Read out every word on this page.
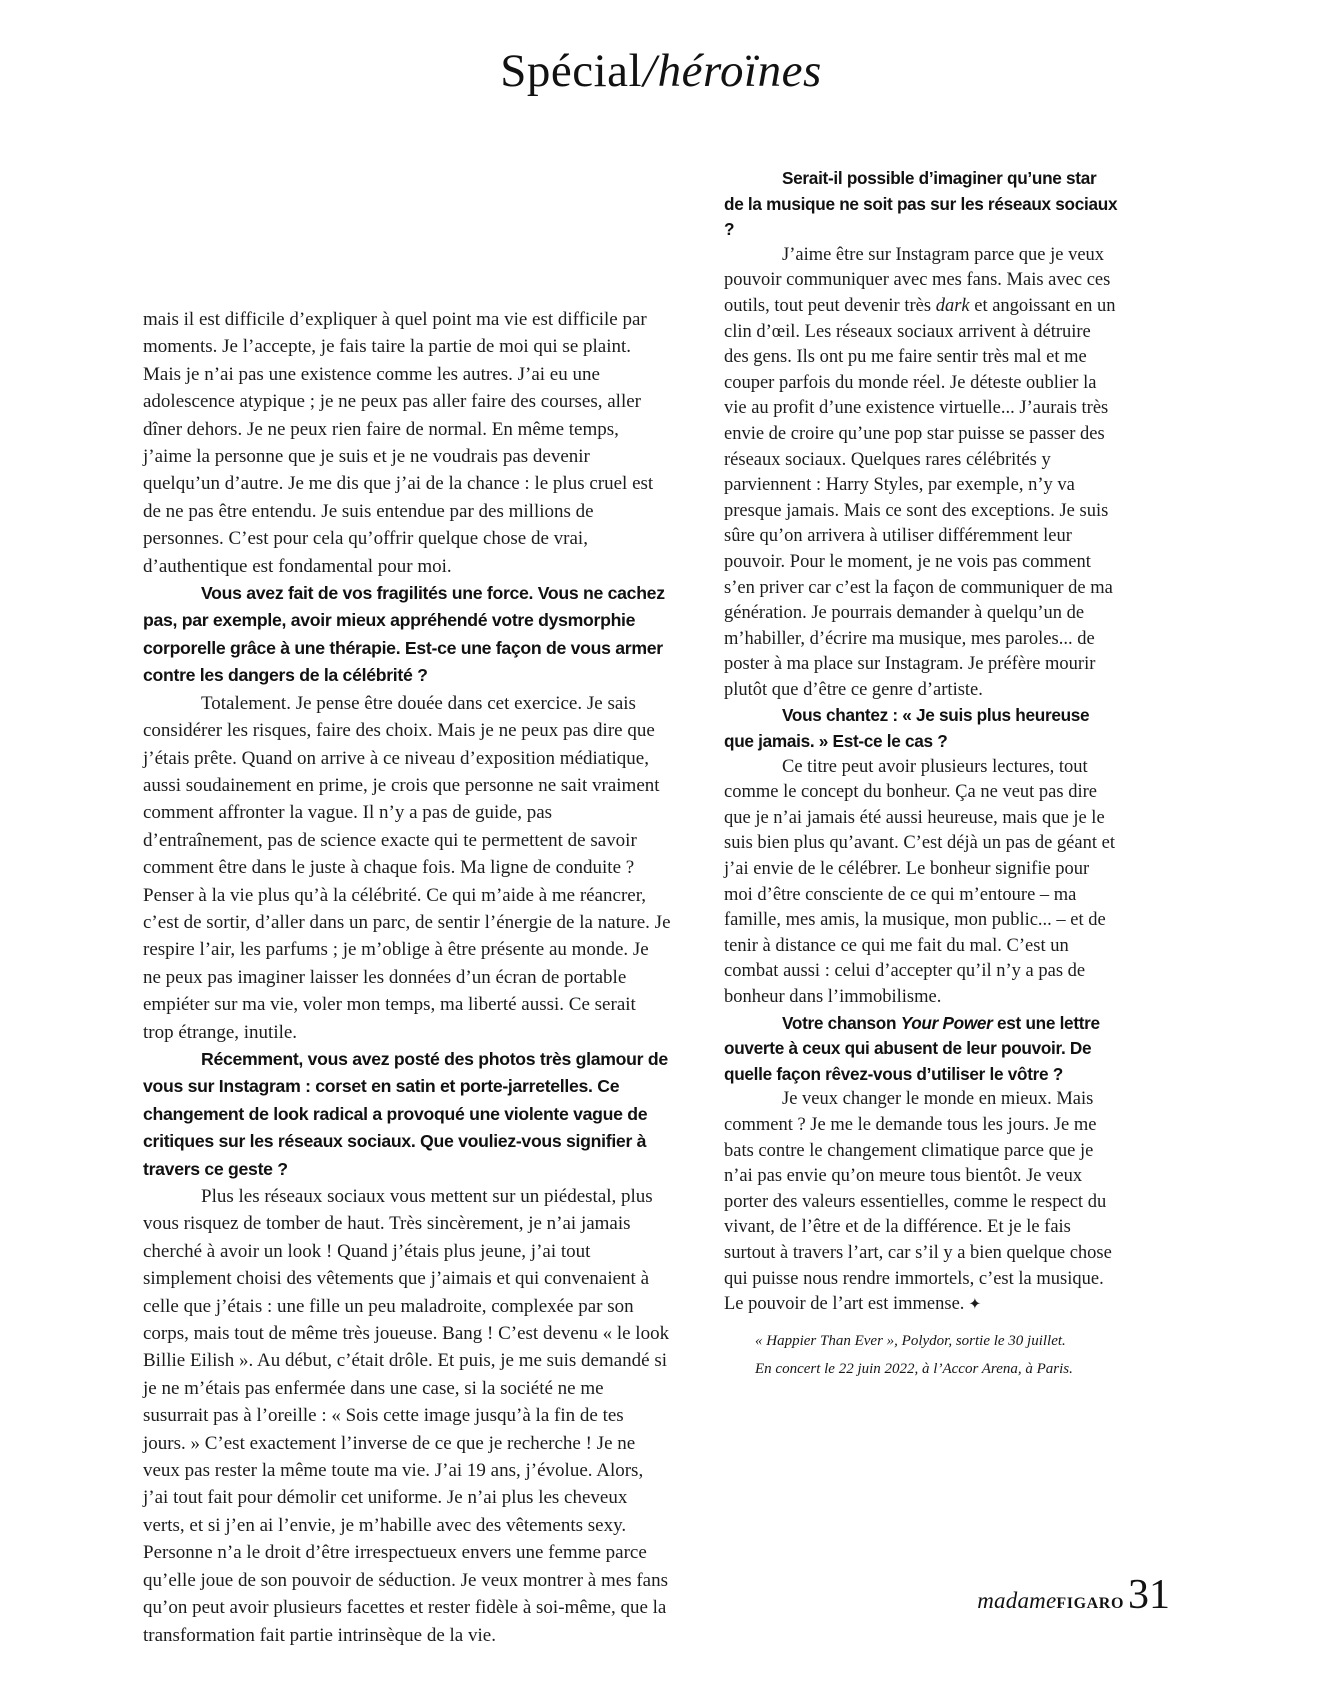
Spécial/héroïnes

mais il est difficile d’expliquer à quel point ma vie est difficile par moments. Je l’accepte, je fais taire la partie de moi qui se plaint. Mais je n’ai pas une existence comme les autres. J’ai eu une adolescence atypique ; je ne peux pas aller faire des courses, aller dîner dehors. Je ne peux rien faire de normal. En même temps, j’aime la personne que je suis et je ne voudrais pas devenir quelqu’un d’autre. Je me dis que j’ai de la chance : le plus cruel est de ne pas être entendu. Je suis entendue par des millions de personnes. C’est pour cela qu’offrir quelque chose de vrai, d’authentique est fondamental pour moi.

Vous avez fait de vos fragilités une force. Vous ne cachez pas, par exemple, avoir mieux appréhendé votre dysmorphie corporelle grâce à une thérapie. Est-ce une façon de vous armer contre les dangers de la célébrité ?

Totalement. Je pense être douée dans cet exercice. Je sais considérer les risques, faire des choix. Mais je ne peux pas dire que j’étais prête. Quand on arrive à ce niveau d’exposition médiatique, aussi soudainement en prime, je crois que personne ne sait vraiment comment affronter la vague. Il n’y a pas de guide, pas d’entraînement, pas de science exacte qui te permettent de savoir comment être dans le juste à chaque fois. Ma ligne de conduite ? Penser à la vie plus qu’à la célébrité. Ce qui m’aide à me réancrer, c’est de sortir, d’aller dans un parc, de sentir l’énergie de la nature. Je respire l’air, les parfums ; je m’oblige à être présente au monde. Je ne peux pas imaginer laisser les données d’un écran de portable empiéter sur ma vie, voler mon temps, ma liberté aussi. Ce serait trop étrange, inutile.

Récemment, vous avez posté des photos très glamour de vous sur Instagram : corset en satin et porte-jarretelles. Ce changement de look radical a provoqué une violente vague de critiques sur les réseaux sociaux. Que vouliez-vous signifier à travers ce geste ?

Plus les réseaux sociaux vous mettent sur un piédestal, plus vous risquez de tomber de haut. Très sincèrement, je n’ai jamais cherché à avoir un look ! Quand j’étais plus jeune, j’ai tout simplement choisi des vêtements que j’aimais et qui convenaient à celle que j’étais : une fille un peu maladroite, complexée par son corps, mais tout de même très joueuse. Bang ! C’est devenu « le look Billie Eilish ». Au début, c’était drôle. Et puis, je me suis demandé si je ne m’étais pas enfermée dans une case, si la société ne me susurrait pas à l’oreille : « Sois cette image jusqu’à la fin de tes jours. » C’est exactement l’inverse de ce que je recherche ! Je ne veux pas rester la même toute ma vie. J’ai 19 ans, j’évolue. Alors, j’ai tout fait pour démolir cet uniforme. Je n’ai plus les cheveux verts, et si j’en ai l’envie, je m’habille avec des vêtements sexy. Personne n’a le droit d’être irrespectueux envers une femme parce qu’elle joue de son pouvoir de séduction. Je veux montrer à mes fans qu’on peut avoir plusieurs facettes et rester fidèle à soi-même, que la transformation fait partie intrinsèque de la vie.

Serait-il possible d’imaginer qu’une star de la musique ne soit pas sur les réseaux sociaux ?

J’aime être sur Instagram parce que je veux pouvoir communiquer avec mes fans. Mais avec ces outils, tout peut devenir très dark et angoissant en un clin d’œil. Les réseaux sociaux arrivent à détruire des gens. Ils ont pu me faire sentir très mal et me couper parfois du monde réel. Je déteste oublier la vie au profit d’une existence virtuelle... J’aurais très envie de croire qu’une pop star puisse se passer des réseaux sociaux. Quelques rares célébrités y parviennent : Harry Styles, par exemple, n’y va presque jamais. Mais ce sont des exceptions. Je suis sûre qu’on arrivera à utiliser différemment leur pouvoir. Pour le moment, je ne vois pas comment s’en priver car c’est la façon de communiquer de ma génération. Je pourrais demander à quelqu’un de m’habiller, d’écrire ma musique, mes paroles... de poster à ma place sur Instagram. Je préfère mourir plutôt que d’être ce genre d’artiste.

Vous chantez : « Je suis plus heureuse que jamais. » Est-ce le cas ?

Ce titre peut avoir plusieurs lectures, tout comme le concept du bonheur. Ça ne veut pas dire que je n’ai jamais été aussi heureuse, mais que je le suis bien plus qu’avant. C’est déjà un pas de géant et j’ai envie de le célébrer. Le bonheur signifie pour moi d’être consciente de ce qui m’entoure – ma famille, mes amis, la musique, mon public... – et de tenir à distance ce qui me fait du mal. C’est un combat aussi : celui d’accepter qu’il n’y a pas de bonheur dans l’immobilisme.

Votre chanson Your Power est une lettre ouverte à ceux qui abusent de leur pouvoir. De quelle façon rêvez-vous d’utiliser le vôtre ?

Je veux changer le monde en mieux. Mais comment ? Je me le demande tous les jours. Je me bats contre le changement climatique parce que je n’ai pas envie qu’on meure tous bientôt. Je veux porter des valeurs essentielles, comme le respect du vivant, de l’être et de la différence. Et je le fais surtout à travers l’art, car s’il y a bien quelque chose qui puisse nous rendre immortels, c’est la musique. Le pouvoir de l’art est immense. ✦

« Happier Than Ever », Polydor, sortie le 30 juillet.

En concert le 22 juin 2022, à l’Accor Arena, à Paris.

madame FIGARO 31
